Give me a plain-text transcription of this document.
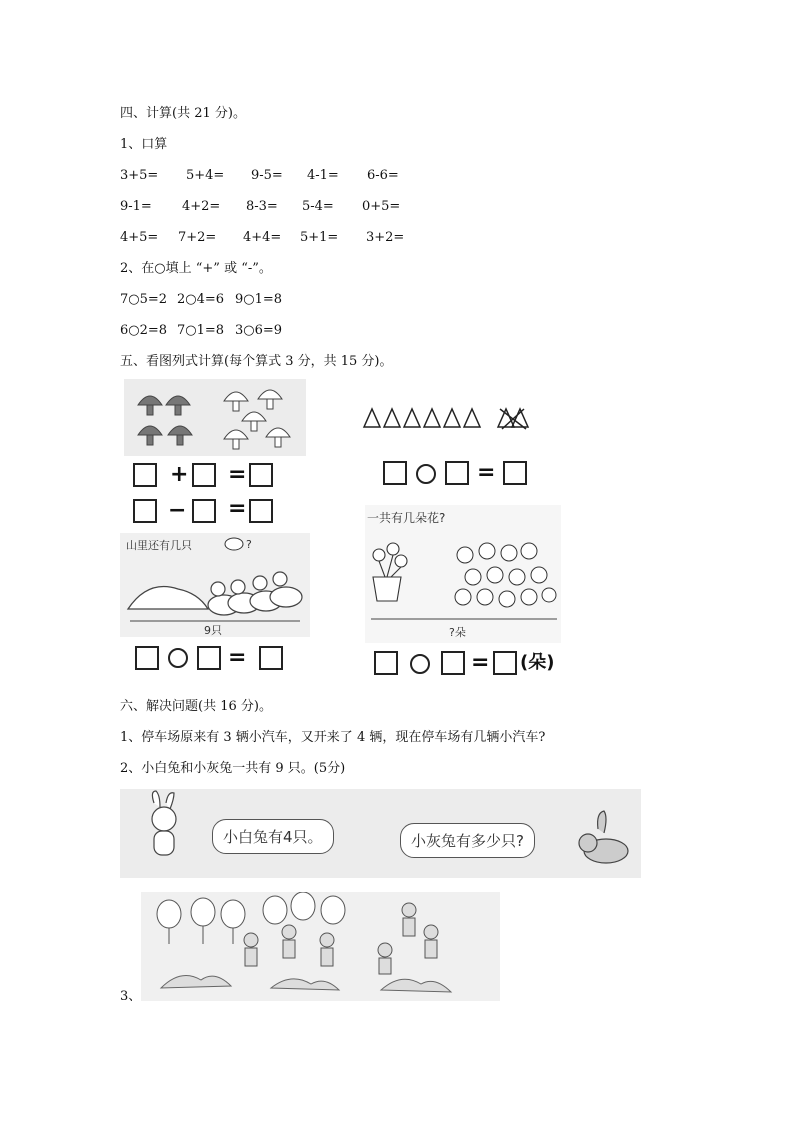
四、计算(共 21 分)。
1、口算
3+5= 5+4= 9-5= 4-1= 6-6=
9-1= 4+2= 8-3= 5-4= 0+5=
4+5= 7+2= 4+4= 5+1= 3+2=
2、在○填上 “+” 或 “-”。
7○5=2 2○4=6 9○1=8
6○2=8 7○1=8 3○6=9
五、看图列式计算(每个算式 3 分，共 15 分)。
+ =
− =
=
山里还有几只	?
9只
=
一共有几朵花?
?朵
= (朵)
六、解决问题(共 16 分)。
1、停车场原来有 3 辆小汽车，又开来了 4 辆，现在停车场有几辆小汽车?
2、小白兔和小灰兔一共有 9 只。(5分)
小白兔有4只。	小灰兔有多少只?
3、
